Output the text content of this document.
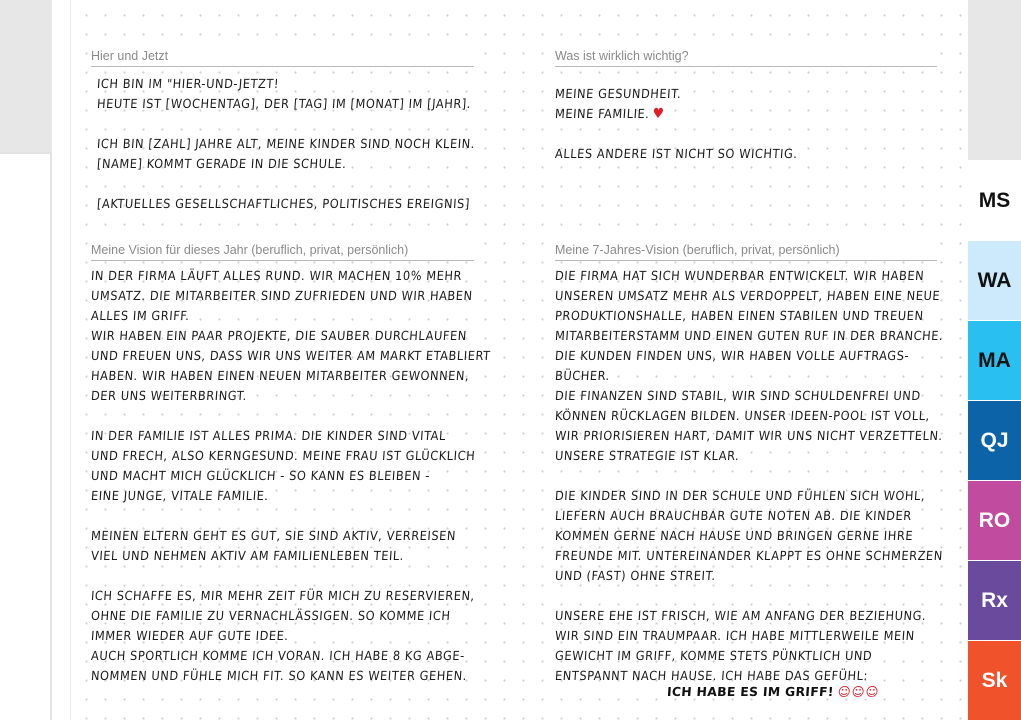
Hier und Jetzt
ICH BIN IM "HIER-UND-JETZT!
HEUTE IST [WOCHENTAG], DER [TAG] IM [MONAT] IM [JAHR].
ICH BIN [ZAHL] JAHRE ALT, MEINE KINDER SIND NOCH KLEIN.
[NAME] KOMMT GERADE IN DIE SCHULE.
[AKTUELLES GESELLSCHAFTLICHES, POLITISCHES EREIGNIS]
Was ist wirklich wichtig?
MEINE GESUNDHEIT.
MEINE FAMILIE. ♥
ALLES ANDERE IST NICHT SO WICHTIG.
Meine Vision für dieses Jahr (beruflich, privat, persönlich)
IN DER FIRMA LÄUFT ALLES RUND. WIR MACHEN 10% MEHR
UMSATZ. DIE MITARBEITER SIND ZUFRIEDEN UND WIR HABEN
ALLES IM GRIFF.
WIR HABEN EIN PAAR PROJEKTE, DIE SAUBER DURCHLAUFEN
UND FREUEN UNS, DASS WIR UNS WEITER AM MARKT ETABLIERT
HABEN. WIR HABEN EINEN NEUEN MITARBEITER GEWONNEN,
DER UNS WEITERBRINGT.
IN DER FAMILIE IST ALLES PRIMA. DIE KINDER SIND VITAL
UND FRECH, ALSO KERNGESUND. MEINE FRAU IST GLÜCKLICH
UND MACHT MICH GLÜCKLICH - SO KANN ES BLEIBEN -
EINE JUNGE, VITALE FAMILIE.
MEINEN ELTERN GEHT ES GUT, SIE SIND AKTIV, VERREISEN
VIEL UND NEHMEN AKTIV AM FAMILIENLEBEN TEIL.
ICH SCHAFFE ES, MIR MEHR ZEIT FÜR MICH ZU RESERVIEREN,
OHNE DIE FAMILIE ZU VERNACHLÄSSIGEN. SO KOMME ICH
IMMER WIEDER AUF GUTE IDEE.
AUCH SPORTLICH KOMME ICH VORAN. ICH HABE 8 KG ABGE-
NOMMEN UND FÜHLE MICH FIT. SO KANN ES WEITER GEHEN.
Meine 7-Jahres-Vision (beruflich, privat, persönlich)
DIE FIRMA HAT SICH WUNDERBAR ENTWICKELT. WIR HABEN
UNSEREN UMSATZ MEHR ALS VERDOPPELT, HABEN EINE NEUE
PRODUKTIONSHALLE, HABEN EINEN STABILEN UND TREUEN
MITARBEITERSTAMM UND EINEN GUTEN RUF IN DER BRANCHE.
DIE KUNDEN FINDEN UNS, WIR HABEN VOLLE AUFTRAGS-
BÜCHER.
DIE FINANZEN SIND STABIL, WIR SIND SCHULDENFREI UND
KÖNNEN RÜCKLAGEN BILDEN. UNSER IDEEN-POOL IST VOLL,
WIR PRIORISIEREN HART, DAMIT WIR UNS NICHT VERZETTELN.
UNSERE STRATEGIE IST KLAR.
DIE KINDER SIND IN DER SCHULE UND FÜHLEN SICH WOHL,
LIEFERN AUCH BRAUCHBAR GUTE NOTEN AB. DIE KINDER
KOMMEN GERNE NACH HAUSE UND BRINGEN GERNE IHRE
FREUNDE MIT. UNTEREINANDER KLAPPT ES OHNE SCHMERZEN
UND (FAST) OHNE STREIT.
UNSERE EHE IST FRISCH, WIE AM ANFANG DER BEZIEHUNG.
WIR SIND EIN TRAUMPAAR. ICH HABE MITTLERWEILE MEIN
GEWICHT IM GRIFF, KOMME STETS PÜNKTLICH UND
ENTSPANNT NACH HAUSE. ICH HABE DAS GEFÜHL:
ICH HABE ES IM GRIFF! ☺☺☺
MS
WA
MA
QJ
RO
Rx
Sk
